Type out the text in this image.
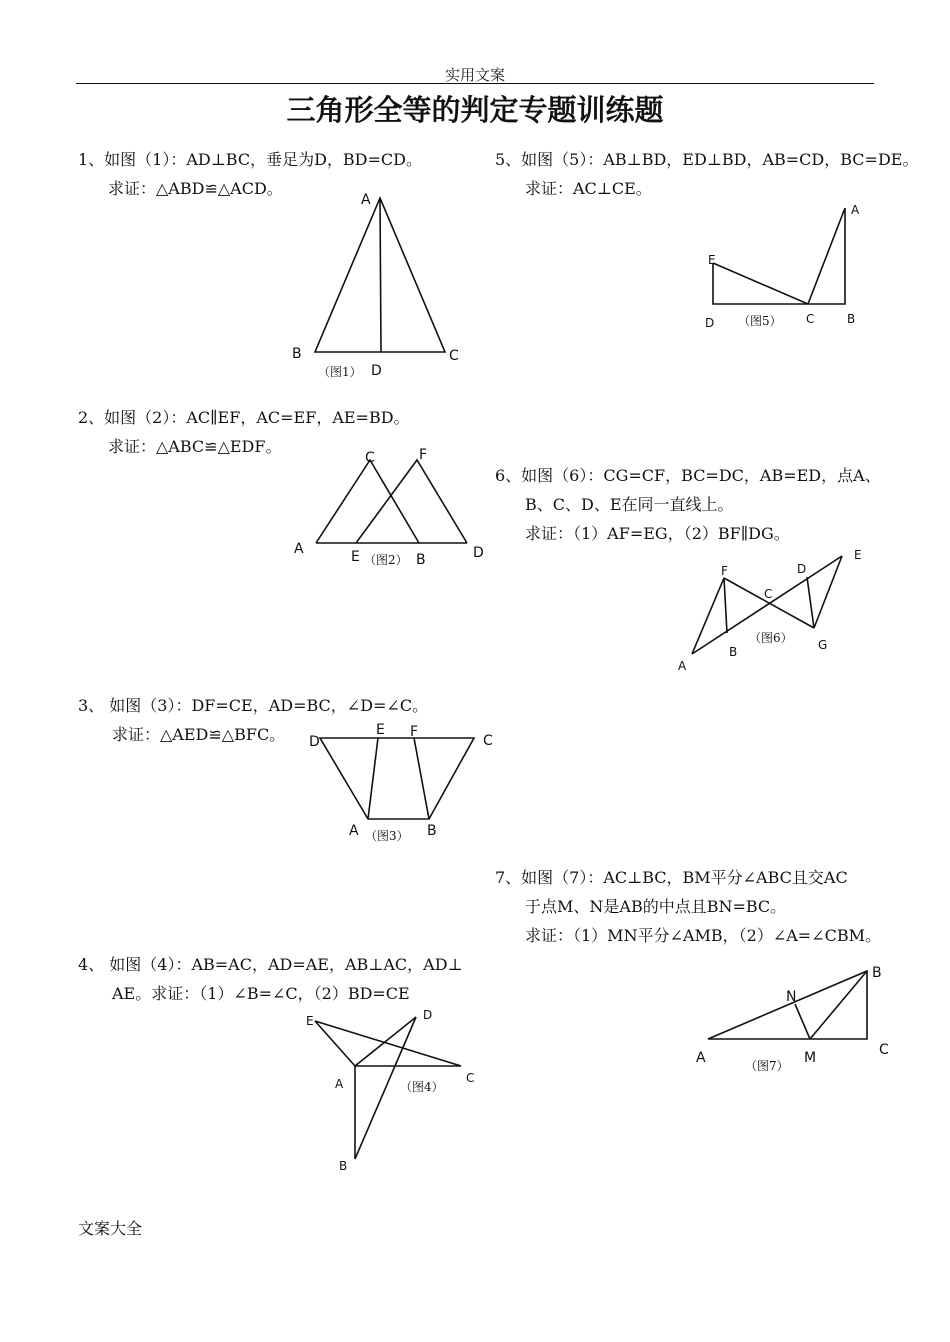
实用文案
三角形全等的判定专题训练题
1、如图（1）：AD⊥BC，垂足为D，BD=CD。
求证：△ABD≌△ACD。
2、如图（2）：AC∥EF，AC=EF，AE=BD。
求证：△ABC≌△EDF。
3、 如图（3）：DF=CE，AD=BC，∠D=∠C。
求证：△AED≌△BFC。
4、 如图（4）：AB=AC，AD=AE，AB⊥AC，AD⊥
AE。求证：（1）∠B=∠C，（2）BD=CE
5、如图（5）：AB⊥BD，ED⊥BD，AB=CD，BC=DE。
求证：AC⊥CE。
6、如图（6）：CG=CF，BC=DC，AB=ED，点A、
B、C、D、E在同一直线上。
求证：（1）AF=EG，（2）BF∥DG。
7、如图（7）：AC⊥BC，BM平分∠ABC且交AC
于点M、N是AB的中点且BN=BC。
求证：（1）MN平分∠AMB，（2）∠A=∠CBM。
A
B	C
D
（图1）
A
C	F
E	B	D
（图2）
D
E F
C
A	B
（图3）
E	D
A	C
B
（图4）
A
E
D	C	B
（图5）
F
C
D
E
G
B
A
（图6）
B
N
A	M	C
（图7）
文案大全
